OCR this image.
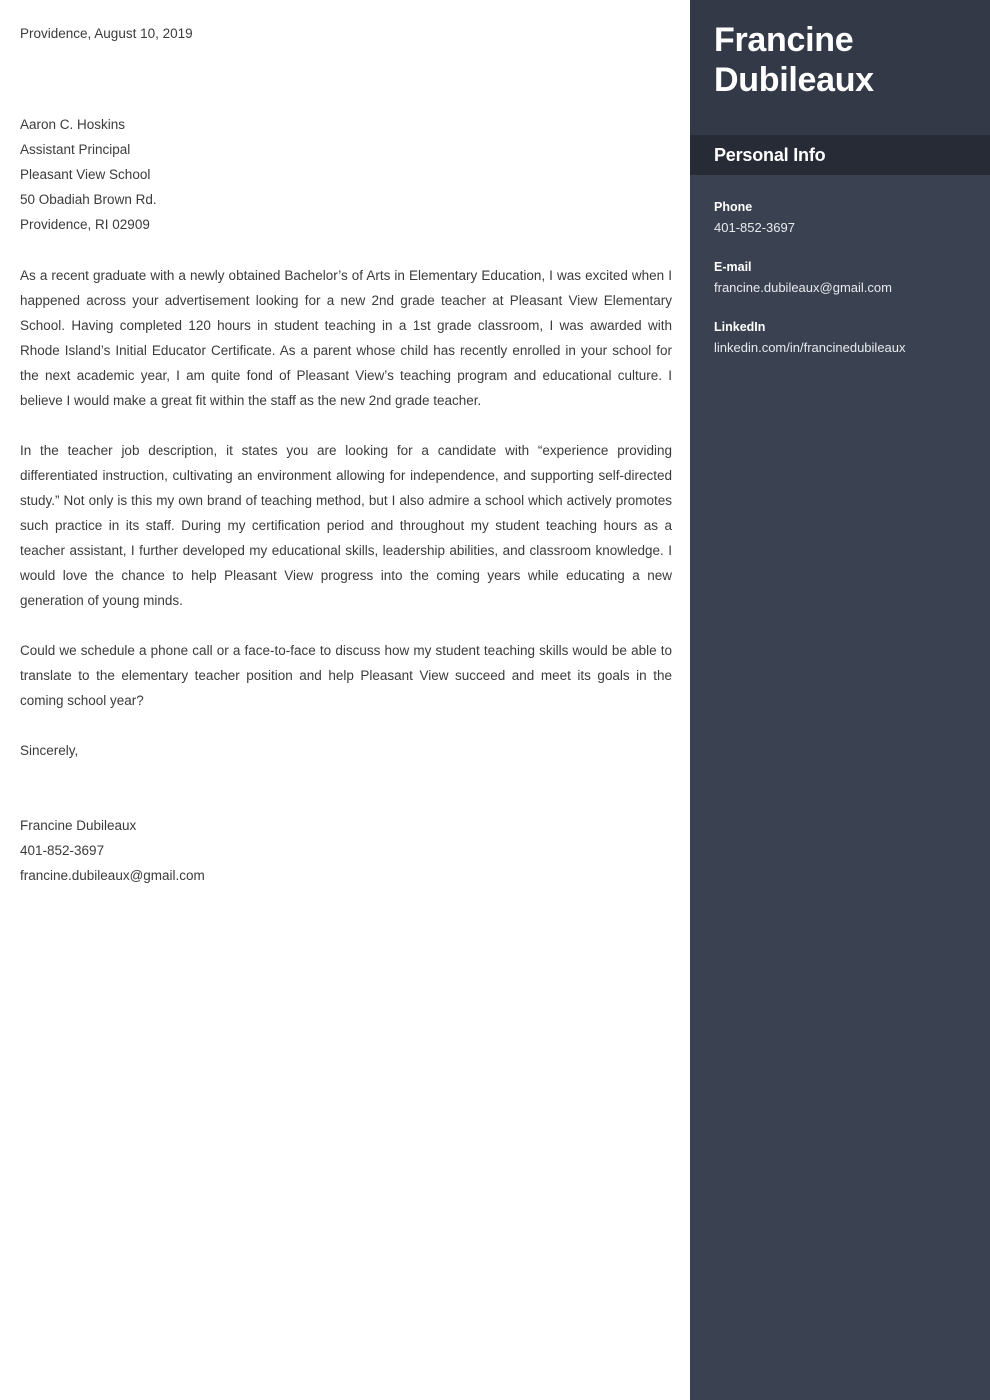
Providence, August 10, 2019
Aaron C. Hoskins
Assistant Principal
Pleasant View School
50 Obadiah Brown Rd.
Providence, RI 02909
As a recent graduate with a newly obtained Bachelor’s of Arts in Elementary Education, I was excited when I happened across your advertisement looking for a new 2nd grade teacher at Pleasant View Elementary School. Having completed 120 hours in student teaching in a 1st grade classroom, I was awarded with Rhode Island’s Initial Educator Certificate. As a parent whose child has recently enrolled in your school for the next academic year, I am quite fond of Pleasant View’s teaching program and educational culture. I believe I would make a great fit within the staff as the new 2nd grade teacher.
In the teacher job description, it states you are looking for a candidate with “experience providing differentiated instruction, cultivating an environment allowing for independence, and supporting self-directed study.” Not only is this my own brand of teaching method, but I also admire a school which actively promotes such practice in its staff. During my certification period and throughout my student teaching hours as a teacher assistant, I further developed my educational skills, leadership abilities, and classroom knowledge. I would love the chance to help Pleasant View progress into the coming years while educating a new generation of young minds.
Could we schedule a phone call or a face-to-face to discuss how my student teaching skills would be able to translate to the elementary teacher position and help Pleasant View succeed and meet its goals in the coming school year?
Sincerely,
Francine Dubileaux
401-852-3697
francine.dubileaux@gmail.com
Francine Dubileaux
Personal Info
Phone
401-852-3697
E-mail
francine.dubileaux@gmail.com
LinkedIn
linkedin.com/in/francinedubileaux
